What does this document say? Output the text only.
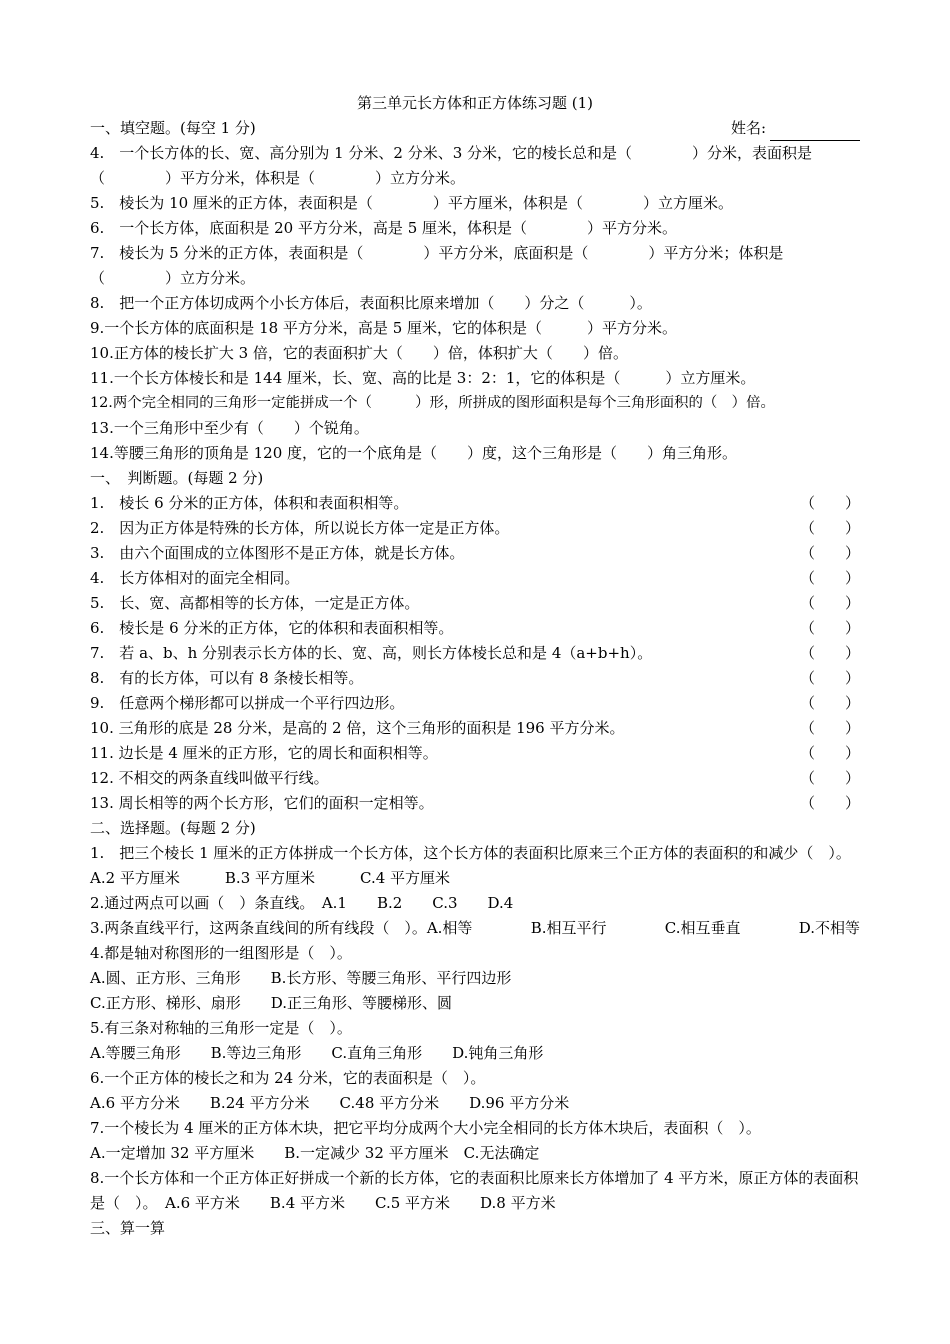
第三单元长方体和正方体练习题 (1)
一、填空题。(每空 1 分)	姓名:
4.　一个长方体的长、宽、高分别为 1 分米、2 分米、3 分米，它的棱长总和是（　　　　）分米，表面积是（　　　　）平方分米，体积是（　　　　）立方分米。
5.　棱长为 10 厘米的正方体，表面积是（　　　　）平方厘米，体积是（　　　　）立方厘米。
6.　一个长方体，底面积是 20 平方分米，高是 5 厘米，体积是（　　　　）平方分米。
7.　棱长为 5 分米的正方体，表面积是（　　　　）平方分米，底面积是（　　　　）平方分米；体积是（　　　　）立方分米。
8.　把一个正方体切成两个小长方体后，表面积比原来增加（　　）分之（　　　）。
9.一个长方体的底面积是 18 平方分米，高是 5 厘米，它的体积是（　　　）平方分米。
10.正方体的棱长扩大 3 倍，它的表面积扩大（　　）倍，体积扩大（　　）倍。
11.一个长方体棱长和是 144 厘米，长、宽、高的比是 3：2：1，它的体积是（　　　）立方厘米。
12.两个完全相同的三角形一定能拼成一个（　　　）形，所拼成的图形面积是每个三角形面积的（　）倍。
13.一个三角形中至少有（　　）个锐角。
14.等腰三角形的顶角是 120 度，它的一个底角是（　　）度，这个三角形是（　　）角三角形。
一、　判断题。(每题 2 分)
1.　棱长 6 分米的正方体，体积和表面积相等。	（　　）
2.　因为正方体是特殊的长方体，所以说长方体一定是正方体。	（　　）
3.　由六个面围成的立体图形不是正方体，就是长方体。	（　　）
4.　长方体相对的面完全相同。	（　　）
5.　长、宽、高都相等的长方体，一定是正方体。	（　　）
6.　棱长是 6 分米的正方体，它的体积和表面积相等。	（　　）
7.　若 a、b、h 分别表示长方体的长、宽、高，则长方体棱长总和是 4（a+b+h）。	（　　）
8.　有的长方体，可以有 8 条棱长相等。	（　　）
9.　任意两个梯形都可以拼成一个平行四边形。	（　　）
10. 三角形的底是 28 分米，是高的 2 倍，这个三角形的面积是 196 平方分米。	（　　）
11. 边长是 4 厘米的正方形，它的周长和面积相等。	（　　）
12. 不相交的两条直线叫做平行线。	（　　）
13. 周长相等的两个长方形，它们的面积一定相等。	（　　）
二、选择题。(每题 2 分)
1.　把三个棱长 1 厘米的正方体拼成一个长方体，这个长方体的表面积比原来三个正方体的表面积的和减少（　）。　　　　A.2 平方厘米　　　B.3 平方厘米　　　C.4 平方厘米
2.通过两点可以画（　）条直线。　A.1　　B.2　　C.3　　D.4
3.两条直线平行，这两条直线间的所有线段（　）。A.相等	B.相互平行	C.相互垂直	D.不相等
4.都是轴对称图形的一组图形是（　）。
A.圆、正方形、三角形　　B.长方形、等腰三角形、平行四边形
C.正方形、梯形、扇形　　D.正三角形、等腰梯形、圆
5.有三条对称轴的三角形一定是（　）。
A.等腰三角形　　B.等边三角形　　C.直角三角形　　D.钝角三角形
6.一个正方体的棱长之和为 24 分米，它的表面积是（　）。
A.6 平方分米　　B.24 平方分米　　C.48 平方分米　　D.96 平方分米
7.一个棱长为 4 厘米的正方体木块，把它平均分成两个大小完全相同的长方体木块后，表面积（　）。
A.一定增加 32 平方厘米　　B.一定减少 32 平方厘米　C.无法确定
8.一个长方体和一个正方体正好拼成一个新的长方体，它的表面积比原来长方体增加了 4 平方米，原正方体的表面积是（　）。　A.6 平方米　　B.4 平方米　　C.5 平方米　　D.8 平方米
三、算一算
